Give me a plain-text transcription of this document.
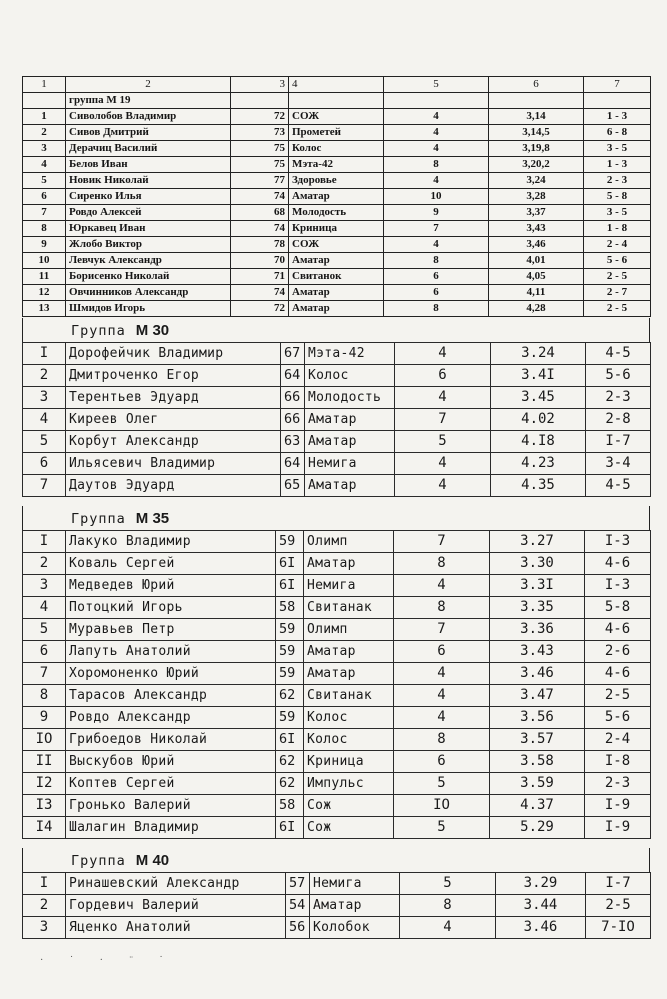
1	2	3	4	5	6	7
	группа М 19					
1	Сиволобов Владимир	72	СОЖ	4	3,14	1 - 3
2	Сивов Дмитрий	73	Прометей	4	3,14,5	6 - 8
3	Дерачиц Василий	75	Колос	4	3,19,8	3 - 5
4	Белов Иван	75	Мэта-42	8	3,20,2	1 - 3
5	Новик Николай	77	Здоровье	4	3,24	2 - 3
6	Сиренко Илья	74	Аматар	10	3,28	5 - 8
7	Ровдо Алексей	68	Молодость	9	3,37	3 - 5
8	Юркавец Иван	74	Криница	7	3,43	1 - 8
9	Жлобо Виктор	78	СОЖ	4	3,46	2 - 4
10	Левчук Александр	70	Аматар	8	4,01	5 - 6
11	Борисенко Николай	71	Свитанок	6	4,05	2 - 5
12	Овчинников Александр	74	Аматар	6	4,11	2 - 7
13	Шмидов Игорь	72	Аматар	8	4,28	2 - 5
Группа М 30
I	Дорофейчик Владимир	67	Мэта-42	4	3.24	4-5
2	Дмитроченко Егор	64	Колос	6	3.4I	5-6
3	Терентьев Эдуард	66	Молодость	4	3.45	2-3
4	Киреев Олег	66	Аматар	7	4.02	2-8
5	Корбут Александр	63	Аматар	5	4.I8	I-7
6	Ильясевич Владимир	64	Немига	4	4.23	3-4
7	Даутов Эдуард	65	Аматар	4	4.35	4-5
Группа М 35
I	Лакуко Владимир	59	Олимп	7	3.27	I-3
2	Коваль Сергей	6I	Аматар	8	3.30	4-6
3	Медведев Юрий	6I	Немига	4	3.3I	I-3
4	Потоцкий Игорь	58	Свитанак	8	3.35	5-8
5	Муравьев Петр	59	Олимп	7	3.36	4-6
6	Лапуть Анатолий	59	Аматар	6	3.43	2-6
7	Хоромоненко Юрий	59	Аматар	4	3.46	4-6
8	Тарасов Александр	62	Свитанак	4	3.47	2-5
9	Ровдо Александр	59	Колос	4	3.56	5-6
IO	Грибоедов Николай	6I	Колос	8	3.57	2-4
II	Выскубов Юрий	62	Криница	6	3.58	I-8
I2	Коптев Сергей	62	Импульс	5	3.59	2-3
I3	Гронько Валерий	58	Сож	IO	4.37	I-9
I4	Шалагин Владимир	6I	Сож	5	5.29	I-9
Группа М 40
I	Ринашевский Александр	57	Немига	5	3.29	I-7
2	Гордевич Валерий	54	Аматар	8	3.44	2-5
3	Яценко Анатолий	56	Колобок	4	3.46	7-IO
· ˙ · ¨ ˙
